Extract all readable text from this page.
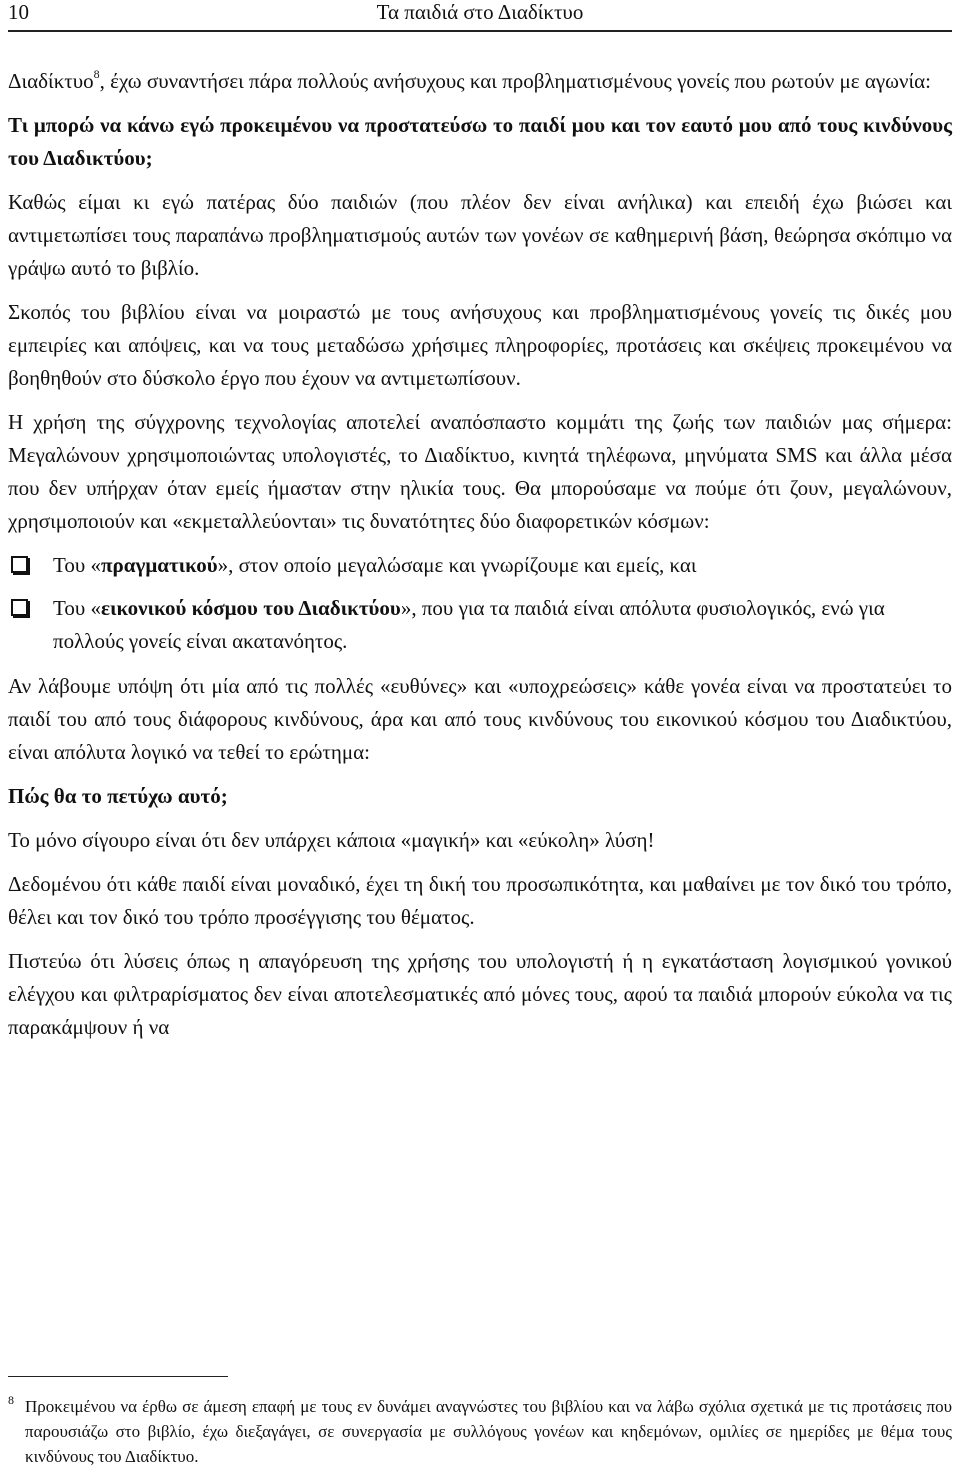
10	Τα παιδιά στο Διαδίκτυο

Διαδίκτυο$^8$, έχω συναντήσει πάρα πολλούς ανήσυχους και προβληματισμένους γονείς που ρωτούν με αγωνία:

Τι μπορώ να κάνω εγώ προκειμένου να προστατεύσω το παιδί μου και τον εαυτό μου από τους κινδύνους του Διαδικτύου;

Καθώς είμαι κι εγώ πατέρας δύο παιδιών (που πλέον δεν είναι ανήλικα) και επειδή έχω βιώσει και αντιμετωπίσει τους παραπάνω προβληματισμούς αυτών των γονέων σε καθημερινή βάση, θεώρησα σκόπιμο να γράψω αυτό το βιβλίο.

Σκοπός του βιβλίου είναι να μοιραστώ με τους ανήσυχους και προβληματισμένους γονείς τις δικές μου εμπειρίες και απόψεις, και να τους μεταδώσω χρήσιμες πληροφορίες, προτάσεις και σκέψεις προκειμένου να βοηθηθούν στο δύσκολο έργο που έχουν να αντιμετωπίσουν.

Η χρήση της σύγχρονης τεχνολογίας αποτελεί αναπόσπαστο κομμάτι της ζωής των παιδιών μας σήμερα: Μεγαλώνουν χρησιμοποιώντας υπολογιστές, το Διαδίκτυο, κινητά τηλέφωνα, μηνύματα SMS και άλλα μέσα που δεν υπήρχαν όταν εμείς ήμασταν στην ηλικία τους. Θα μπορούσαμε να πούμε ότι ζουν, μεγαλώνουν, χρησιμοποιούν και «εκμεταλλεύονται» τις δυνατότητες δύο διαφορετικών κόσμων:

Του «πραγματικού», στον οποίο μεγαλώσαμε και γνωρίζουμε και εμείς, και
Του «εικονικού κόσμου του Διαδικτύου», που για τα παιδιά είναι απόλυτα φυσιολογικός, ενώ για πολλούς γονείς είναι ακατανόητος.

Αν λάβουμε υπόψη ότι μία από τις πολλές «ευθύνες» και «υποχρεώσεις» κάθε γονέα είναι να προστατεύει το παιδί του από τους διάφορους κινδύνους, άρα και από τους κινδύνους του εικονικού κόσμου του Διαδικτύου, είναι απόλυτα λογικό να τεθεί το ερώτημα:

Πώς θα το πετύχω αυτό;

Το μόνο σίγουρο είναι ότι δεν υπάρχει κάποια «μαγική» και «εύκολη» λύση!

Δεδομένου ότι κάθε παιδί είναι μοναδικό, έχει τη δική του προσωπικότητα, και μαθαίνει με τον δικό του τρόπο, θέλει και τον δικό του τρόπο προσέγγισης του θέματος.

Πιστεύω ότι λύσεις όπως η απαγόρευση της χρήσης του υπολογιστή ή η εγκατάσταση λογισμικού γονικού ελέγχου και φιλτραρίσματος δεν είναι αποτελεσματικές από μόνες τους, αφού τα παιδιά μπορούν εύκολα να τις παρακάμψουν ή να

8 Προκειμένου να έρθω σε άμεση επαφή με τους εν δυνάμει αναγνώστες του βιβλίου και να λάβω σχόλια σχετικά με τις προτάσεις που παρουσιάζω στο βιβλίο, έχω διεξαγάγει, σε συνεργασία με συλλόγους γονέων και κηδεμόνων, ομιλίες σε ημερίδες με θέμα τους κινδύνους του Διαδίκτυο.
